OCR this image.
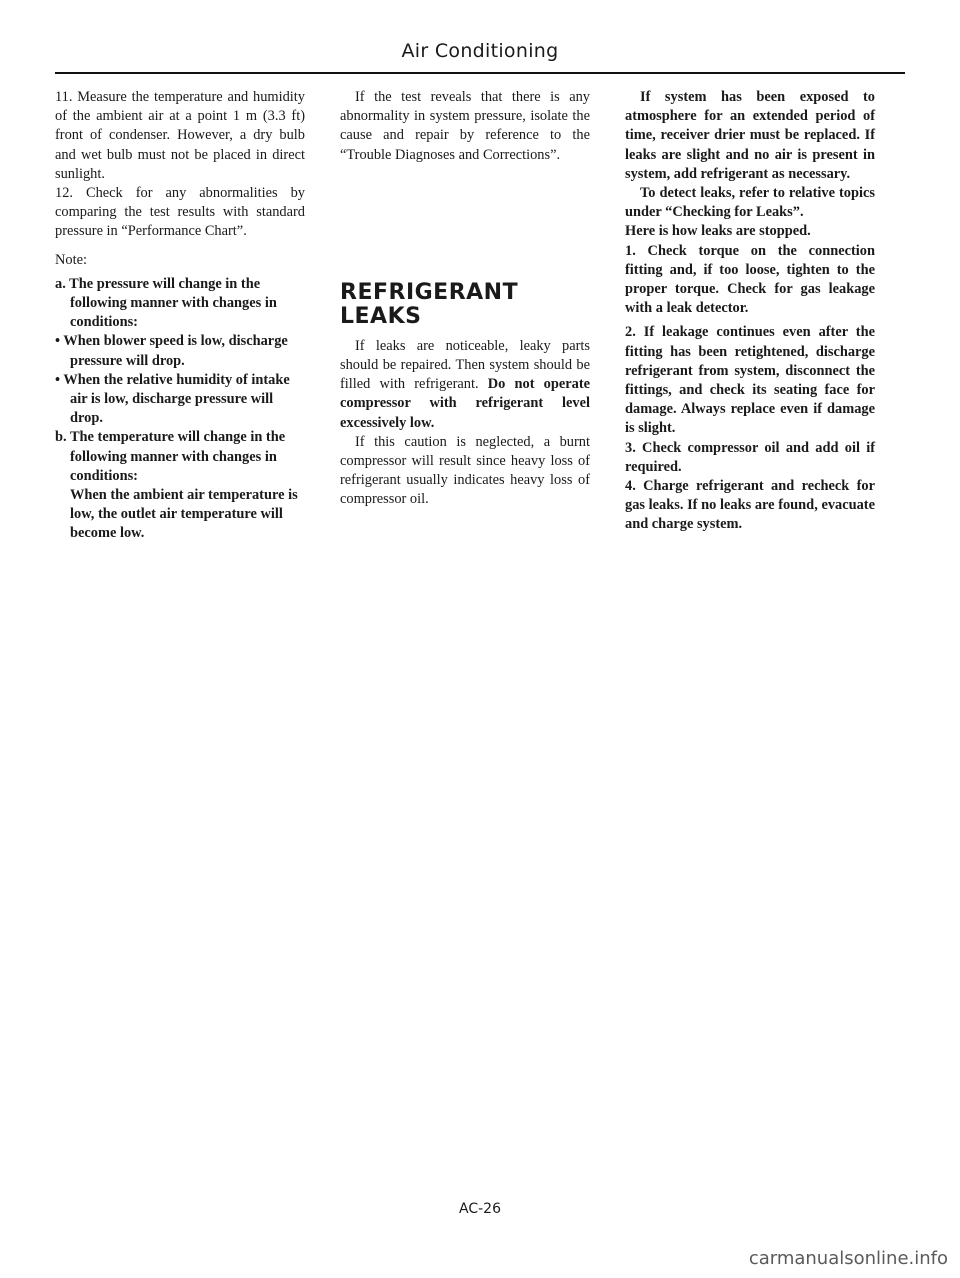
Air Conditioning

11. Measure the temperature and humidity of the ambient air at a point 1 m (3.3 ft) front of condenser. However, a dry bulb and wet bulb must not be placed in direct sunlight.

12. Check for any abnormalities by comparing the test results with standard pressure in “Performance Chart”.

Note:

a. The pressure will change in the following manner with changes in conditions:

• When blower speed is low, discharge pressure will drop.

• When the relative humidity of intake air is low, discharge pressure will drop.

b. The temperature will change in the following manner with changes in conditions:

When the ambient air temperature is low, the outlet air temperature will become low.

If the test reveals that there is any abnormality in system pressure, isolate the cause and repair by reference to the “Trouble Diagnoses and Corrections”.

REFRIGERANT
LEAKS

If leaks are noticeable, leaky parts should be repaired. Then system should be filled with refrigerant. Do not operate compressor with refrigerant level excessively low.

If this caution is neglected, a burnt compressor will result since heavy loss of refrigerant usually indicates heavy loss of compressor oil.

If system has been exposed to atmosphere for an extended period of time, receiver drier must be replaced. If leaks are slight and no air is present in system, add refrigerant as necessary.

To detect leaks, refer to relative topics under “Checking for Leaks”.

Here is how leaks are stopped.

1. Check torque on the connection fitting and, if too loose, tighten to the proper torque. Check for gas leakage with a leak detector.

2. If leakage continues even after the fitting has been retightened, discharge refrigerant from system, disconnect the fittings, and check its seating face for damage. Always replace even if damage is slight.

3. Check compressor oil and add oil if required.

4. Charge refrigerant and recheck for gas leaks. If no leaks are found, evacuate and charge system.

AC-26
carmanualsonline.info
